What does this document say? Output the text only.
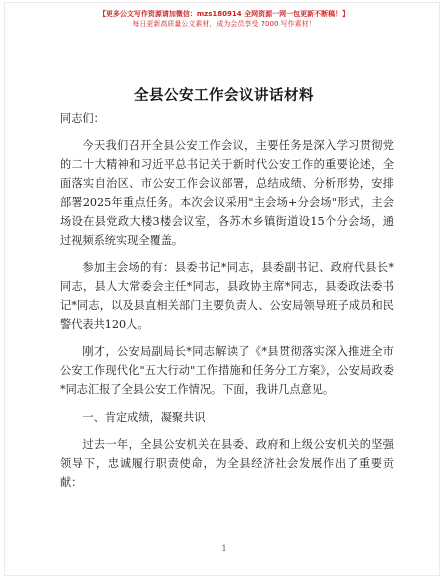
【更多公文写作资源请加微信：mzs180914 全网资源一网一包更新不断稿！】
每日更新高质量公文素材，成为会员享受 7000 写作素材！
全县公安工作会议讲话材料

同志们：

今天我们召开全县公安工作会议，主要任务是深入学习贯彻党的二十大精神和习近平总书记关于新时代公安工作的重要论述，全面落实自治区、市公安工作会议部署，总结成绩、分析形势，安排部署2025年重点任务。本次会议采用"主会场+分会场"形式，主会场设在县党政大楼3楼会议室，各苏木乡镇街道设15个分会场，通过视频系统实现全覆盖。

参加主会场的有：县委书记*同志，县委副书记、政府代县长*同志，县人大常委会主任*同志，县政协主席*同志，县委政法委书记*同志，以及县直相关部门主要负责人、公安局领导班子成员和民警代表共120人。

刚才，公安局副局长*同志解读了《*县贯彻落实深入推进全市公安工作现代化"五大行动"工作措施和任务分工方案》，公安局政委*同志汇报了全县公安工作情况。下面，我讲几点意见。

一、肯定成绩，凝聚共识

过去一年，全县公安机关在县委、政府和上级公安机关的坚强领导下，忠诚履行职责使命，为全县经济社会发展作出了重要贡献：

1
